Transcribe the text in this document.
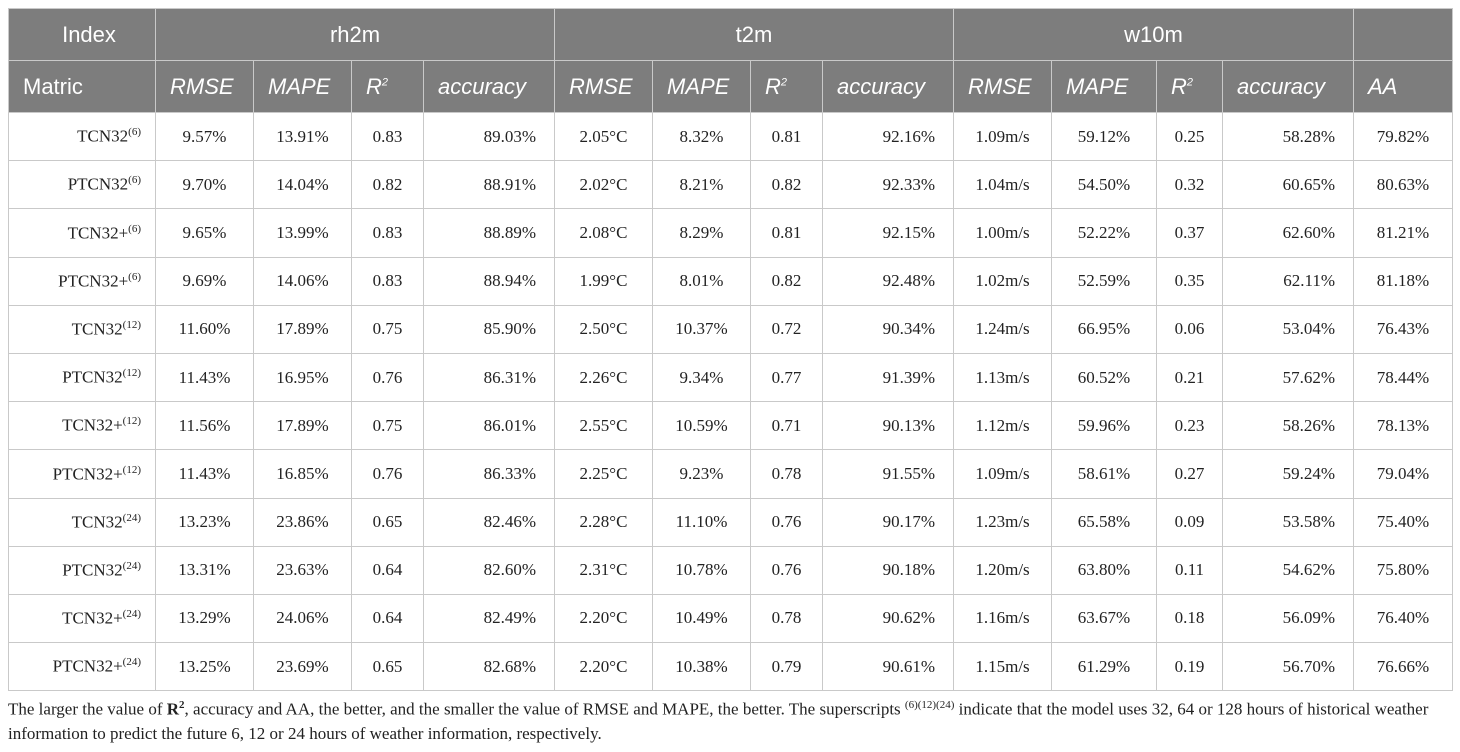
Index	rh2m				t2m				w10m				
Matric	RMSE	MAPE	$R^2$	accuracy	RMSE	MAPE	$R^2$	accuracy	RMSE	MAPE	$R^2$	accuracy	AA
TCN32$^{(6)}$	9.57%	13.91%	0.83	89.03%	2.05°C	8.32%	0.81	92.16%	1.09m/s	59.12%	0.25	58.28%	79.82%
PTCN32$^{(6)}$	9.70%	14.04%	0.82	88.91%	2.02°C	8.21%	0.82	92.33%	1.04m/s	54.50%	0.32	60.65%	80.63%
TCN32+$^{(6)}$	9.65%	13.99%	0.83	88.89%	2.08°C	8.29%	0.81	92.15%	1.00m/s	52.22%	0.37	62.60%	81.21%
PTCN32+$^{(6)}$	9.69%	14.06%	0.83	88.94%	1.99°C	8.01%	0.82	92.48%	1.02m/s	52.59%	0.35	62.11%	81.18%
TCN32$^{(12)}$	11.60%	17.89%	0.75	85.90%	2.50°C	10.37%	0.72	90.34%	1.24m/s	66.95%	0.06	53.04%	76.43%
PTCN32$^{(12)}$	11.43%	16.95%	0.76	86.31%	2.26°C	9.34%	0.77	91.39%	1.13m/s	60.52%	0.21	57.62%	78.44%
TCN32+$^{(12)}$	11.56%	17.89%	0.75	86.01%	2.55°C	10.59%	0.71	90.13%	1.12m/s	59.96%	0.23	58.26%	78.13%
PTCN32+$^{(12)}$	11.43%	16.85%	0.76	86.33%	2.25°C	9.23%	0.78	91.55%	1.09m/s	58.61%	0.27	59.24%	79.04%
TCN32$^{(24)}$	13.23%	23.86%	0.65	82.46%	2.28°C	11.10%	0.76	90.17%	1.23m/s	65.58%	0.09	53.58%	75.40%
PTCN32$^{(24)}$	13.31%	23.63%	0.64	82.60%	2.31°C	10.78%	0.76	90.18%	1.20m/s	63.80%	0.11	54.62%	75.80%
TCN32+$^{(24)}$	13.29%	24.06%	0.64	82.49%	2.20°C	10.49%	0.78	90.62%	1.16m/s	63.67%	0.18	56.09%	76.40%
PTCN32+$^{(24)}$	13.25%	23.69%	0.65	82.68%	2.20°C	10.38%	0.79	90.61%	1.15m/s	61.29%	0.19	56.70%	76.66%
The larger the value of $R^2$, accuracy and AA, the better, and the smaller the value of RMSE and MAPE, the better. The superscripts $^{(6)(12)(24)}$ indicate that the model uses 32, 64 or 128 hours of historical weather information to predict the future 6, 12 or 24 hours of weather information, respectively.
